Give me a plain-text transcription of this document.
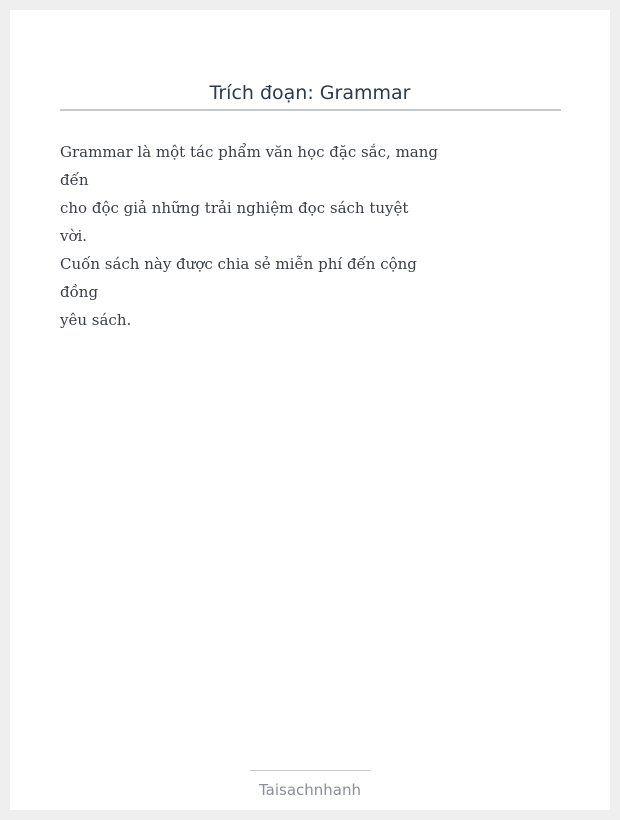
Trích đoạn: Grammar
Grammar là một tác phẩm văn học đặc sắc, mang
đến
cho độc giả những trải nghiệm đọc sách tuyệt
vời.
Cuốn sách này được chia sẻ miễn phí đến cộng
đồng
yêu sách.
Taisachnhanh
